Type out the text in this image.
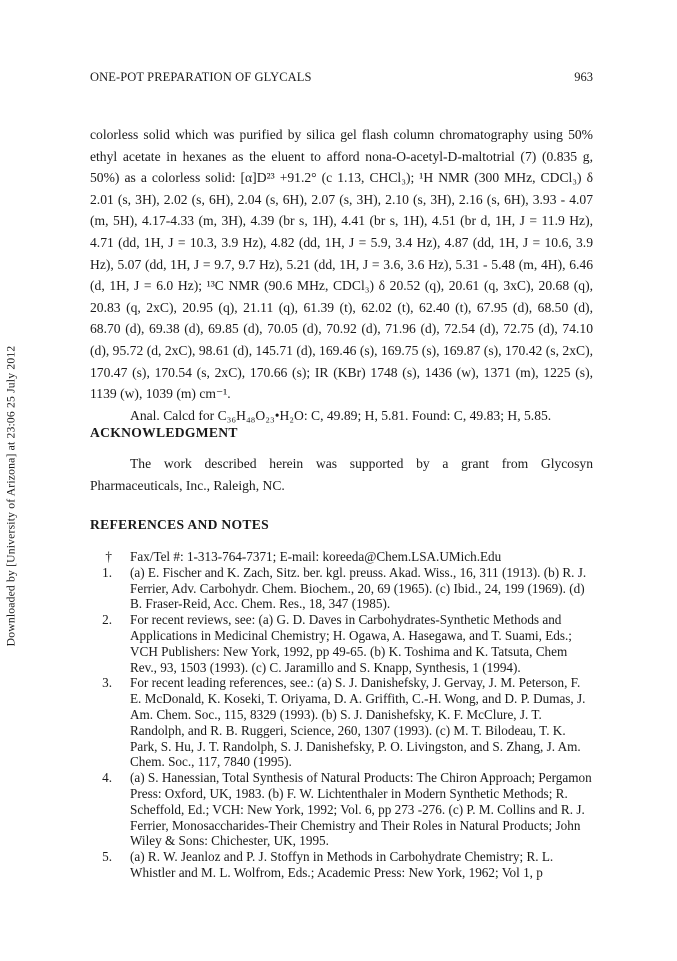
ONE-POT PREPARATION OF GLYCALS	963
Downloaded by [University of Arizona] at 23:06 25 July 2012

colorless solid which was purified by silica gel flash column chromatography using 50% ethyl acetate in hexanes as the eluent to afford nona-O-acetyl-D-maltotrial (7) (0.835 g, 50%) as a colorless solid: [α]D²³ +91.2° (c 1.13, CHCl₃); ¹H NMR (300 MHz, CDCl₃) δ 2.01 (s, 3H), 2.02 (s, 6H), 2.04 (s, 6H), 2.07 (s, 3H), 2.10 (s, 3H), 2.16 (s, 6H), 3.93 - 4.07 (m, 5H), 4.17-4.33 (m, 3H), 4.39 (br s, 1H), 4.41 (br s, 1H), 4.51 (br d, 1H, J = 11.9 Hz), 4.71 (dd, 1H, J = 10.3, 3.9 Hz), 4.82 (dd, 1H, J = 5.9, 3.4 Hz), 4.87 (dd, 1H, J = 10.6, 3.9 Hz), 5.07 (dd, 1H, J = 9.7, 9.7 Hz), 5.21 (dd, 1H, J = 3.6, 3.6 Hz), 5.31 - 5.48 (m, 4H), 6.46 (d, 1H, J = 6.0 Hz); ¹³C NMR (90.6 MHz, CDCl₃) δ 20.52 (q), 20.61 (q, 3xC), 20.68 (q), 20.83 (q, 2xC), 20.95 (q), 21.11 (q), 61.39 (t), 62.02 (t), 62.40 (t), 67.95 (d), 68.50 (d), 68.70 (d), 69.38 (d), 69.85 (d), 70.05 (d), 70.92 (d), 71.96 (d), 72.54 (d), 72.75 (d), 74.10 (d), 95.72 (d, 2xC), 98.61 (d), 145.71 (d), 169.46 (s), 169.75 (s), 169.87 (s), 170.42 (s, 2xC), 170.47 (s), 170.54 (s, 2xC), 170.66 (s); IR (KBr) 1748 (s), 1436 (w), 1371 (m), 1225 (s), 1139 (w), 1039 (m) cm⁻¹.

Anal. Calcd for C₃₆H₄₈O₂₃•H₂O: C, 49.89; H, 5.81. Found: C, 49.83; H, 5.85.

ACKNOWLEDGMENT

The work described herein was supported by a grant from Glycosyn Pharmaceuticals, Inc., Raleigh, NC.

REFERENCES AND NOTES
† Fax/Tel #: 1-313-764-7371; E-mail: koreeda@Chem.LSA.UMich.Edu
1. (a) E. Fischer and K. Zach, Sitz. ber. kgl. preuss. Akad. Wiss., 16, 311 (1913). (b) R. J. Ferrier, Adv. Carbohydr. Chem. Biochem., 20, 69 (1965). (c) Ibid., 24, 199 (1969). (d) B. Fraser-Reid, Acc. Chem. Res., 18, 347 (1985).
2. For recent reviews, see: (a) G. D. Daves in Carbohydrates-Synthetic Methods and Applications in Medicinal Chemistry; H. Ogawa, A. Hasegawa, and T. Suami, Eds.; VCH Publishers: New York, 1992, pp 49-65. (b) K. Toshima and K. Tatsuta, Chem Rev., 93, 1503 (1993). (c) C. Jaramillo and S. Knapp, Synthesis, 1 (1994).
3. For recent leading references, see.: (a) S. J. Danishefsky, J. Gervay, J. M. Peterson, F. E. McDonald, K. Koseki, T. Oriyama, D. A. Griffith, C.-H. Wong, and D. P. Dumas, J. Am. Chem. Soc., 115, 8329 (1993). (b) S. J. Danishefsky, K. F. McClure, J. T. Randolph, and R. B. Ruggeri, Science, 260, 1307 (1993). (c) M. T. Bilodeau, T. K. Park, S. Hu, J. T. Randolph, S. J. Danishefsky, P. O. Livingston, and S. Zhang, J. Am. Chem. Soc., 117, 7840 (1995).
4. (a) S. Hanessian, Total Synthesis of Natural Products: The Chiron Approach; Pergamon Press: Oxford, UK, 1983. (b) F. W. Lichtenthaler in Modern Synthetic Methods; R. Scheffold, Ed.; VCH: New York, 1992; Vol. 6, pp 273 -276. (c) P. M. Collins and R. J. Ferrier, Monosaccharides-Their Chemistry and Their Roles in Natural Products; John Wiley & Sons: Chichester, UK, 1995.
5. (a) R. W. Jeanloz and P. J. Stoffyn in Methods in Carbohydrate Chemistry; R. L. Whistler and M. L. Wolfrom, Eds.; Academic Press: New York, 1962; Vol 1, p
